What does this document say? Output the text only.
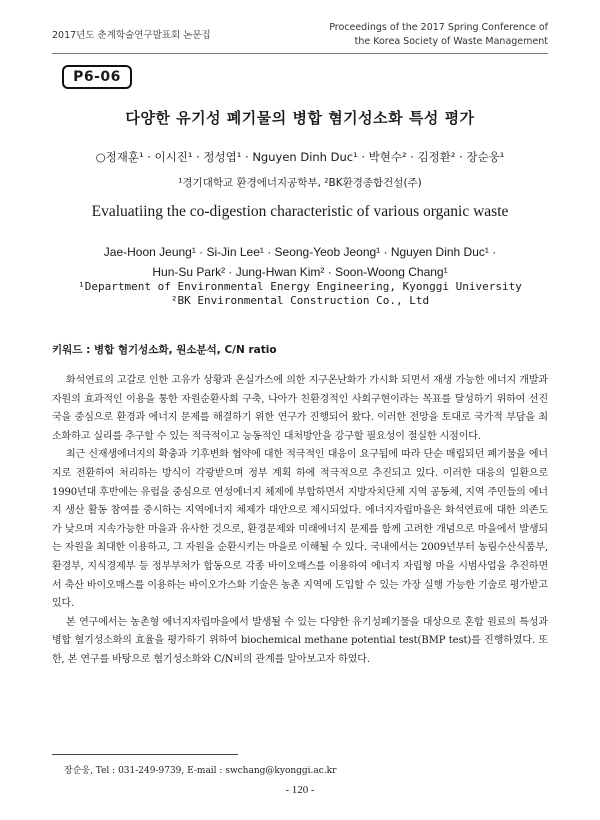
2017년도 춘계학술연구발표회 논문집
Proceedings of the 2017 Spring Conference of
the Korea Society of Waste Management
P6-06
다양한 유기성 폐기물의 병합 혐기성소화 특성 평가
○정재훈¹ · 이시진¹ · 정성엽¹ · Nguyen Dinh Duc¹ · 박현수² · 김정환² · 장순웅¹
¹경기대학교 환경에너지공학부, ²BK환경종합건설(주)
Evaluatiing the co-digestion characteristic of various organic waste
Jae-Hoon Jeung¹ · Si-Jin Lee¹ · Seong-Yeob Jeong¹ · Nguyen Dinh Duc¹ ·
Hun-Su Park² · Jung-Hwan Kim² · Soon-Woong Chang¹
¹Department of Environmental Energy Engineering, Kyonggi University
²BK Environmental Construction Co., Ltd
키워드 : 병합 혐기성소화, 원소분석, C/N ratio

화석연료의 고갈로 인한 고유가 상황과 온실가스에 의한 지구온난화가 가시화 되면서 재생 가능한 에너지 개발과 자원의 효과적인 이용을 통한 자원순환사회 구축, 나아가 친환경적인 사회구현이라는 목표를 달성하기 위하여 선진국을 중심으로 환경과 에너지 문제를 해결하기 위한 연구가 진행되어 왔다. 이러한 전망을 토대로 국가적 부담을 최소화하고 실리를 추구할 수 있는 적극적이고 능동적인 대처방안을 강구할 필요성이 절실한 시점이다.

최근 신재생에너지의 확충과 기후변화 협약에 대한 적극적인 대응이 요구됨에 따라 단순 매립되던 폐기물을 에너지로 전환하여 처리하는 방식이 각광받으며 정부 계획 하에 적극적으로 추진되고 있다. 이러한 대응의 일환으로 1990년대 후반에는 유럽을 중심으로 연성에너지 체제에 부합하면서 지방자치단체 지역 공동체, 지역 주민들의 에너지 생산 활동 참여를 중시하는 지역에너지 체제가 대안으로 제시되었다. 에너지자립마을은 화석연료에 대한 의존도가 낮으며 지속가능한 마을과 유사한 것으로, 환경문제와 미래에너지 문제를 함께 고려한 개념으로 마을에서 발생되는 자원을 최대한 이용하고, 그 자원을 순환시키는 마을로 이해될 수 있다. 국내에서는 2009년부터 농림수산식품부, 환경부, 지식경제부 등 정부부처가 합동으로 각종 바이오매스를 이용하여 에너지 자립형 마을 시범사업을 추진하면서 축산 바이오매스를 이용하는 바이오가스화 기술은 농촌 지역에 도입할 수 있는 가장 실행 가능한 기술로 평가받고 있다.

본 연구에서는 농촌형 에너지자립마을에서 발생될 수 있는 다양한 유기성폐기물을 대상으로 혼합 원료의 특성과 병합 혐기성소화의 효율을 평가하기 위하여 biochemical methane potential test(BMP test)를 진행하였다. 또한, 본 연구를 바탕으로 혐기성소화와 C/N비의 관계를 알아보고자 하였다.

장순웅, Tel : 031-249-9739, E-mail : swchang@kyonggi.ac.kr
- 120 -
